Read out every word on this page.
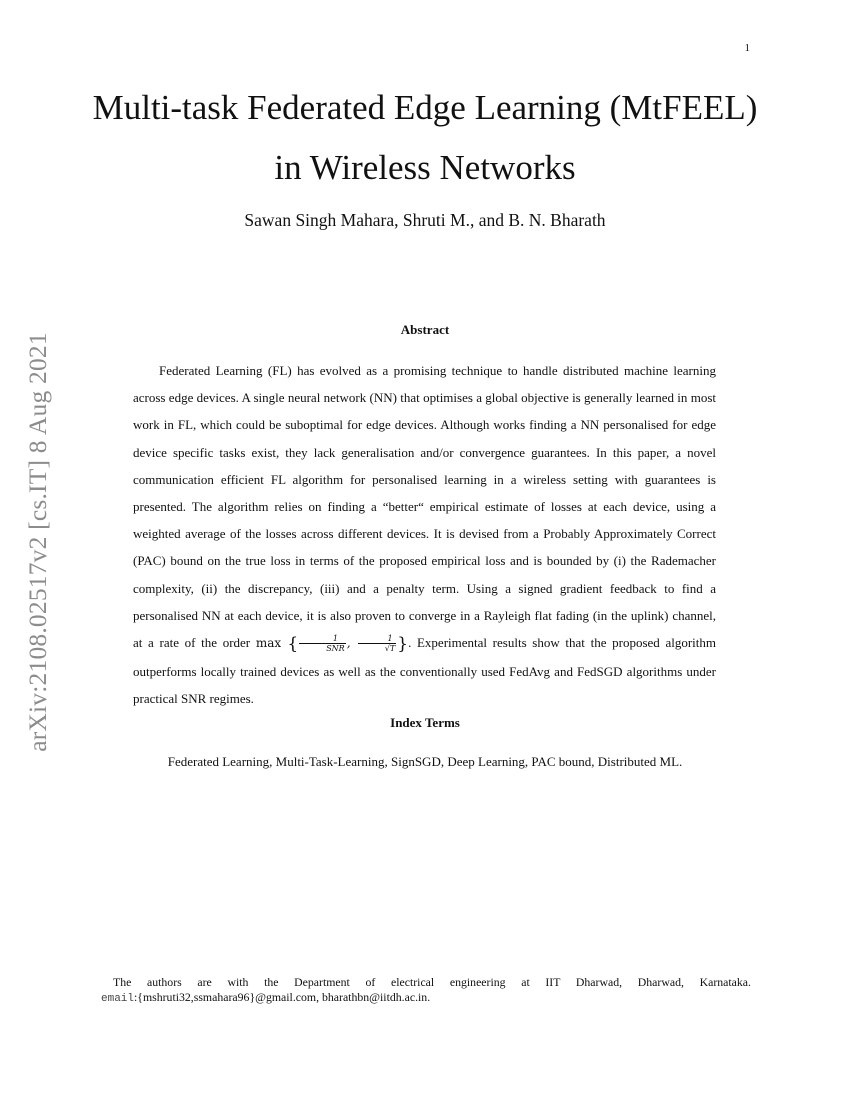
1
arXiv:2108.02517v2 [cs.IT] 8 Aug 2021
Multi-task Federated Edge Learning (MtFEEL)
in Wireless Networks
Sawan Singh Mahara, Shruti M., and B. N. Bharath
Abstract

Federated Learning (FL) has evolved as a promising technique to handle distributed machine learning across edge devices. A single neural network (NN) that optimises a global objective is generally learned in most work in FL, which could be suboptimal for edge devices. Although works finding a NN personalised for edge device specific tasks exist, they lack generalisation and/or convergence guarantees. In this paper, a novel communication efficient FL algorithm for personalised learning in a wireless setting with guarantees is presented. The algorithm relies on finding a “better“ empirical estimate of losses at each device, using a weighted average of the losses across different devices. It is devised from a Probably Approximately Correct (PAC) bound on the true loss in terms of the proposed empirical loss and is bounded by (i) the Rademacher complexity, (ii) the discrepancy, (iii) and a penalty term. Using a signed gradient feedback to find a personalised NN at each device, it is also proven to converge in a Rayleigh flat fading (in the uplink) channel, at a rate of the order max { $\frac{1}{\text{SNR}}$ , $\frac{1}{√T}$ }. Experimental results show that the proposed algorithm outperforms locally trained devices as well as the conventionally used FedAvg and FedSGD algorithms under practical SNR regimes.

Index Terms
Federated Learning, Multi-Task-Learning, SignSGD, Deep Learning, PAC bound, Distributed ML.
The authors are with the Department of electrical engineering at IIT Dharwad, Dharwad, Karnataka.
email:{mshruti32,ssmahara96}@gmail.com, bharathbn@iitdh.ac.in.
